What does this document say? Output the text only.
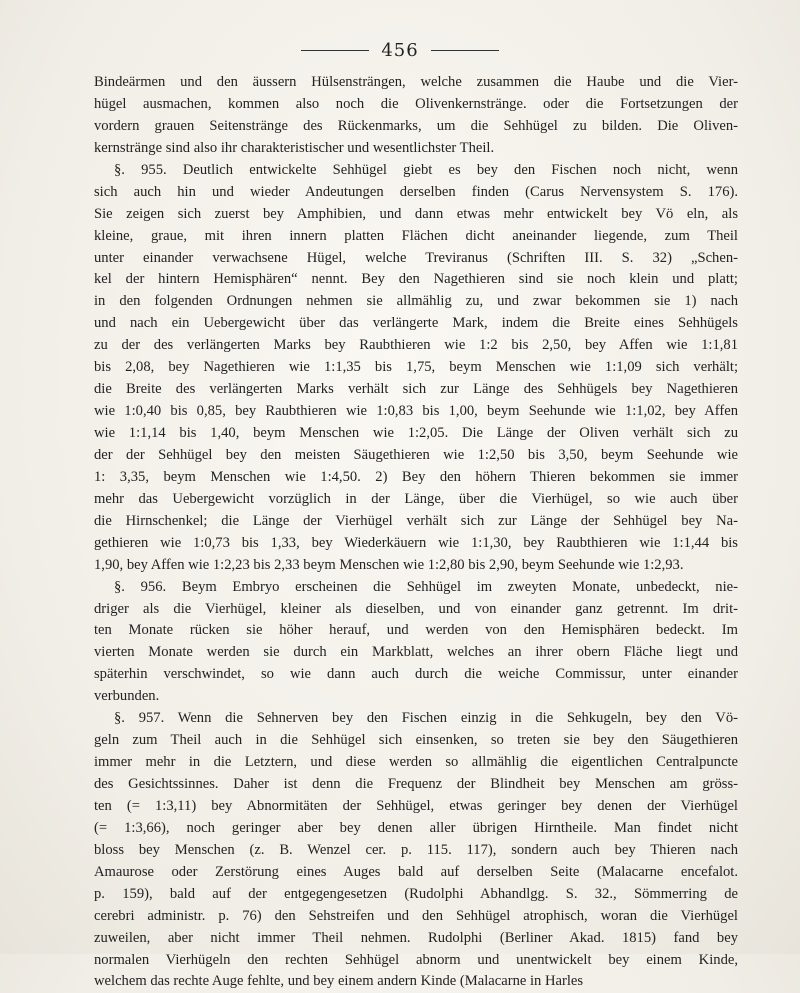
456
Bindeärmen und den äussern Hülsensträngen, welche zusammen die Haube und die Vier-
hügel ausmachen, kommen also noch die Olivenkernstränge. oder die Fortsetzungen der
vordern grauen Seitenstränge des Rückenmarks, um die Sehhügel zu bilden. Die Oliven-
kernstränge sind also ihr charakteristischer und wesentlichster Theil.
§. 955. Deutlich entwickelte Sehhügel giebt es bey den Fischen noch nicht, wenn
sich auch hin und wieder Andeutungen derselben finden (Carus Nervensystem S. 176).
Sie zeigen sich zuerst bey Amphibien, und dann etwas mehr entwickelt bey Vö eln, als
kleine, graue, mit ihren innern platten Flächen dicht aneinander liegende, zum Theil
unter einander verwachsene Hügel, welche Treviranus (Schriften III. S. 32) „Schen-
kel der hintern Hemisphären“ nennt. Bey den Nagethieren sind sie noch klein und platt;
in den folgenden Ordnungen nehmen sie allmählig zu, und zwar bekommen sie 1) nach
und nach ein Uebergewicht über das verlängerte Mark, indem die Breite eines Sehhügels
zu der des verlängerten Marks bey Raubthieren wie 1:2 bis 2,50, bey Affen wie 1:1,81
bis 2,08, bey Nagethieren wie 1:1,35 bis 1,75, beym Menschen wie 1:1,09 sich verhält;
die Breite des verlängerten Marks verhält sich zur Länge des Sehhügels bey Nagethieren
wie 1:0,40 bis 0,85, bey Raubthieren wie 1:0,83 bis 1,00, beym Seehunde wie 1:1,02, bey Affen
wie 1:1,14 bis 1,40, beym Menschen wie 1:2,05. Die Länge der Oliven verhält sich zu
der der Sehhügel bey den meisten Säugethieren wie 1:2,50 bis 3,50, beym Seehunde wie
1: 3,35, beym Menschen wie 1:4,50. 2) Bey den höhern Thieren bekommen sie immer
mehr das Uebergewicht vorzüglich in der Länge, über die Vierhügel, so wie auch über
die Hirnschenkel; die Länge der Vierhügel verhält sich zur Länge der Sehhügel bey Na-
gethieren wie 1:0,73 bis 1,33, bey Wiederkäuern wie 1:1,30, bey Raubthieren wie 1:1,44 bis
1,90, bey Affen wie 1:2,23 bis 2,33 beym Menschen wie 1:2,80 bis 2,90, beym Seehunde wie 1:2,93.
§. 956. Beym Embryo erscheinen die Sehhügel im zweyten Monate, unbedeckt, nie-
driger als die Vierhügel, kleiner als dieselben, und von einander ganz getrennt. Im drit-
ten Monate rücken sie höher herauf, und werden von den Hemisphären bedeckt. Im
vierten Monate werden sie durch ein Markblatt, welches an ihrer obern Fläche liegt und
späterhin verschwindet, so wie dann auch durch die weiche Commissur, unter einander
verbunden.
§. 957. Wenn die Sehnerven bey den Fischen einzig in die Sehkugeln, bey den Vö-
geln zum Theil auch in die Sehhügel sich einsenken, so treten sie bey den Säugethieren
immer mehr in die Letztern, und diese werden so allmählig die eigentlichen Centralpuncte
des Gesichtssinnes. Daher ist denn die Frequenz der Blindheit bey Menschen am gröss-
ten (= 1:3,11) bey Abnormitäten der Sehhügel, etwas geringer bey denen der Vierhügel
(= 1:3,66), noch geringer aber bey denen aller übrigen Hirntheile. Man findet nicht
bloss bey Menschen (z. B. Wenzel cer. p. 115. 117), sondern auch bey Thieren nach
Amaurose oder Zerstörung eines Auges bald auf derselben Seite (Malacarne encefalot.
p. 159), bald auf der entgegengesetzen (Rudolphi Abhandlgg. S. 32., Sömmerring de
cerebri administr. p. 76) den Sehstreifen und den Sehhügel atrophisch, woran die Vierhügel
zuweilen, aber nicht immer Theil nehmen. Rudolphi (Berliner Akad. 1815) fand bey
normalen Vierhügeln den rechten Sehhügel abnorm und unentwickelt bey einem Kinde,
welchem das rechte Auge fehlte, und bey einem andern Kinde (Malacarne in Harles
